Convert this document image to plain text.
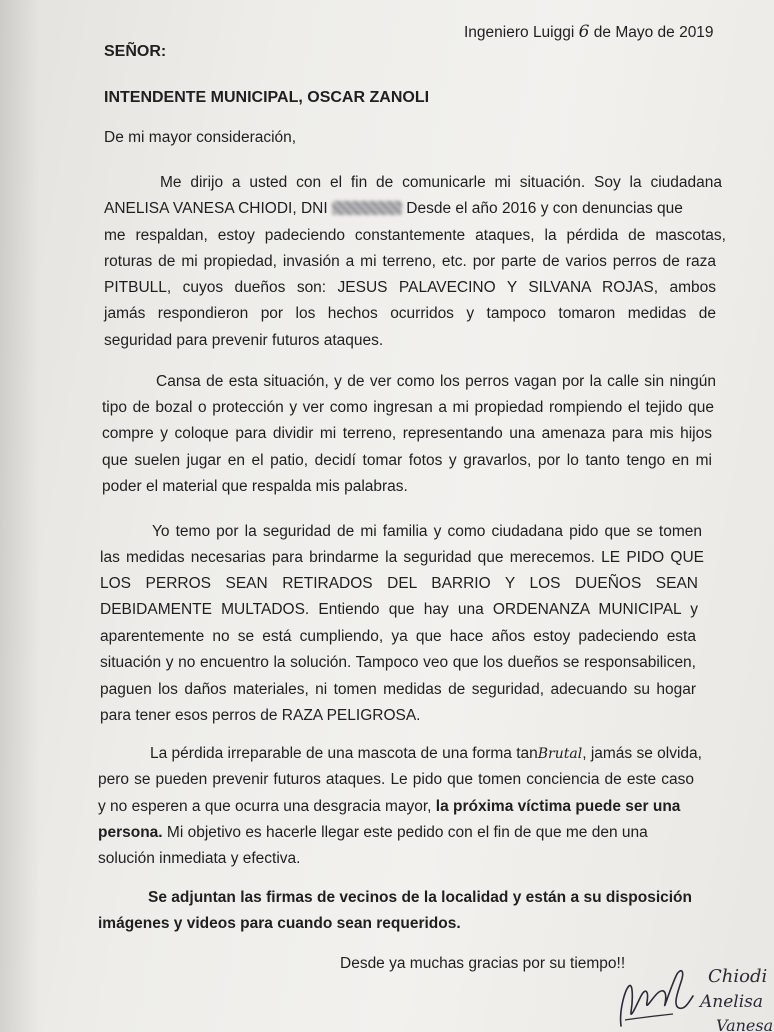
Ingeniero Luiggi 6 de Mayo de 2019
SEÑOR:
INTENDENTE MUNICIPAL, OSCAR ZANOLI
De mi mayor consideración,
Me dirijo a usted con el fin de comunicarle mi situación. Soy la ciudadana
ANELISA VANESA CHIODI, DNI	Desde el año 2016 y con denuncias que
me respaldan, estoy padeciendo constantemente ataques, la pérdida de mascotas,
roturas de mi propiedad, invasión a mi terreno, etc. por parte de varios perros de raza
PITBULL, cuyos dueños son: JESUS PALAVECINO Y SILVANA ROJAS, ambos
jamás respondieron por los hechos ocurridos y tampoco tomaron medidas de
seguridad para prevenir futuros ataques.
Cansa de esta situación, y de ver como los perros vagan por la calle sin ningún
tipo de bozal o protección y ver como ingresan a mi propiedad rompiendo el tejido que
compre y coloque para dividir mi terreno, representando una amenaza para mis hijos
que suelen jugar en el patio, decidí tomar fotos y gravarlos, por lo tanto tengo en mi
poder el material que respalda mis palabras.
Yo temo por la seguridad de mi familia y como ciudadana pido que se tomen
las medidas necesarias para brindarme la seguridad que merecemos. LE PIDO QUE
LOS PERROS SEAN RETIRADOS DEL BARRIO Y LOS DUEÑOS SEAN
DEBIDAMENTE MULTADOS. Entiendo que hay una ORDENANZA MUNICIPAL y
aparentemente no se está cumpliendo, ya que hace años estoy padeciendo esta
situación y no encuentro la solución. Tampoco veo que los dueños se responsabilicen,
paguen los daños materiales, ni tomen medidas de seguridad, adecuando su hogar
para tener esos perros de RAZA PELIGROSA.
La pérdida irreparable de una mascota de una forma tanBrutal, jamás se olvida,
pero se pueden prevenir futuros ataques. Le pido que tomen conciencia de este caso
y no esperen a que ocurra una desgracia mayor, la próxima víctima puede ser una
persona. Mi objetivo es hacerle llegar este pedido con el fin de que me den una
solución inmediata y efectiva.
Se adjuntan las firmas de vecinos de la localidad y están a su disposición
imágenes y videos para cuando sean requeridos.
Desde ya muchas gracias por su tiempo!!
Chiodi
Anelisa
Vanesa
